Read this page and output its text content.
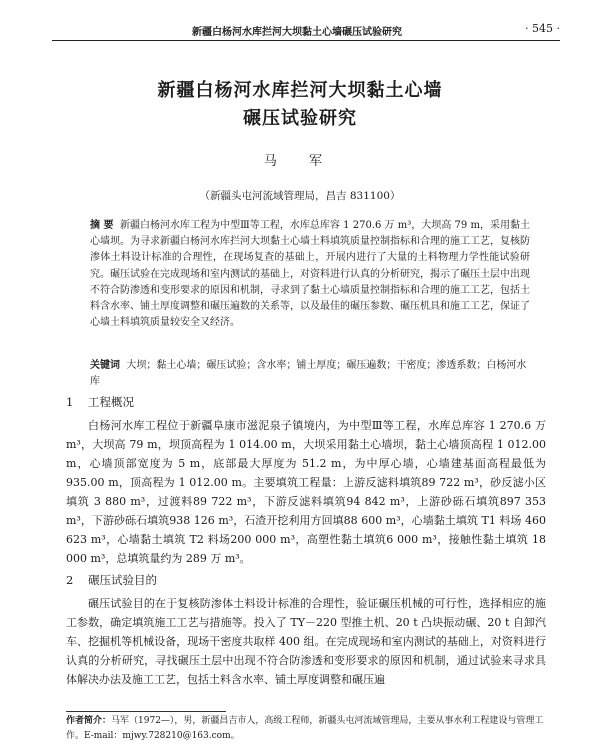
新疆白杨河水库拦河大坝黏土心墙碾压试验研究	· 545 ·
新疆白杨河水库拦河大坝黏土心墙
碾压试验研究
马 军
（新疆头屯河流域管理局，昌吉 831100）
摘 要 新疆白杨河水库工程为中型Ⅲ等工程，水库总库容 1 270.6 万 m³，大坝高 79 m，采用黏土心墙坝。为寻求新疆白杨河水库拦河大坝黏土心墙土料填筑质量控制指标和合理的施工工艺，复核防渗体土料设计标准的合理性，在现场复查的基础上，开展内进行了大量的土料物理力学性能试验研究。碾压试验在完成现场和室内测试的基础上，对资料进行认真的分析研究，揭示了碾压土层中出现不符合防渗透和变形要求的原因和机制，寻求到了黏土心墙质量控制指标和合理的施工工艺，包括土料含水率、铺土厚度调整和碾压遍数的关系等，以及最佳的碾压参数、碾压机具和施工工艺，保证了心墙土料填筑质量较安全又经济。
关键词 大坝；黏土心墙；碾压试验；含水率；铺土厚度；碾压遍数；干密度；渗透系数；白杨河水库
1 工程概况
白杨河水库工程位于新疆阜康市滋泥泉子镇境内，为中型Ⅲ等工程，水库总库容 1 270.6 万 m³，大坝高 79 m，坝顶高程为 1 014.00 m，大坝采用黏土心墙坝，黏土心墙顶高程 1 012.00 m，心墙顶部宽度为 5 m，底部最大厚度为 51.2 m，为中厚心墙，心墙建基面高程最低为 935.00 m，顶高程为 1 012.00 m。主要填筑工程量：上游反滤料填筑89 722 m³，砂反滤小区填筑 3 880 m³，过渡料89 722 m³，下游反滤料填筑94 842 m³，上游砂砾石填筑897 353 m³，下游砂砾石填筑938 126 m³，石渣开挖利用方回填88 600 m³，心墙黏土填筑 T1 料场 460 623 m³，心墙黏土填筑 T2 料场200 000 m³，高塑性黏土填筑6 000 m³，接触性黏土填筑 18 000 m³，总填筑量约为 289 万 m³。
2 碾压试验目的
碾压试验目的在于复核防渗体土料设计标准的合理性，验证碾压机械的可行性，选择相应的施工参数，确定填筑施工工艺与措施等。投入了 TY－220 型推土机、20 t 凸块振动碾、20 t 自卸汽车、挖掘机等机械设备，现场干密度共取样 400 组。在完成现场和室内测试的基础上，对资料进行认真的分析研究，寻找碾压土层中出现不符合防渗透和变形要求的原因和机制，通过试验来寻求具体解决办法及施工工艺，包括土料含水率、铺土厚度调整和碾压遍
作者简介：马军（1972—），男，新疆昌吉市人，高级工程师，新疆头屯河流域管理局，主要从事水利工程建设与管理工作。E-mail：mjwy.728210@163.com。
